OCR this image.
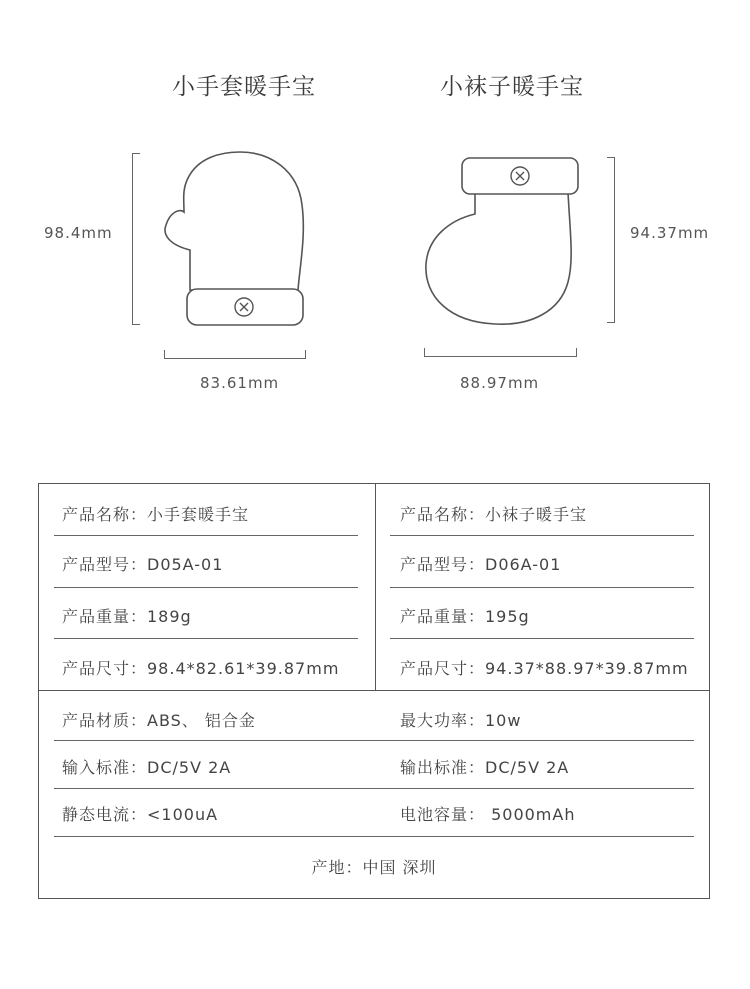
小手套暖手宝	小袜子暖手宝
98.4mm
83.61mm
94.37mm
88.97mm
产品名称：小手套暖手宝
产品型号：D05A-01
产品重量：189g
产品尺寸：98.4*82.61*39.87mm
产品名称：小袜子暖手宝
产品型号：D06A-01
产品重量：195g
产品尺寸：94.37*88.97*39.87mm
产品材质：ABS、 铝合金	最大功率：10w
输入标准：DC/5V 2A	输出标准：DC/5V 2A
静态电流：<100uA	电池容量： 5000mAh
产地：中国 深圳
